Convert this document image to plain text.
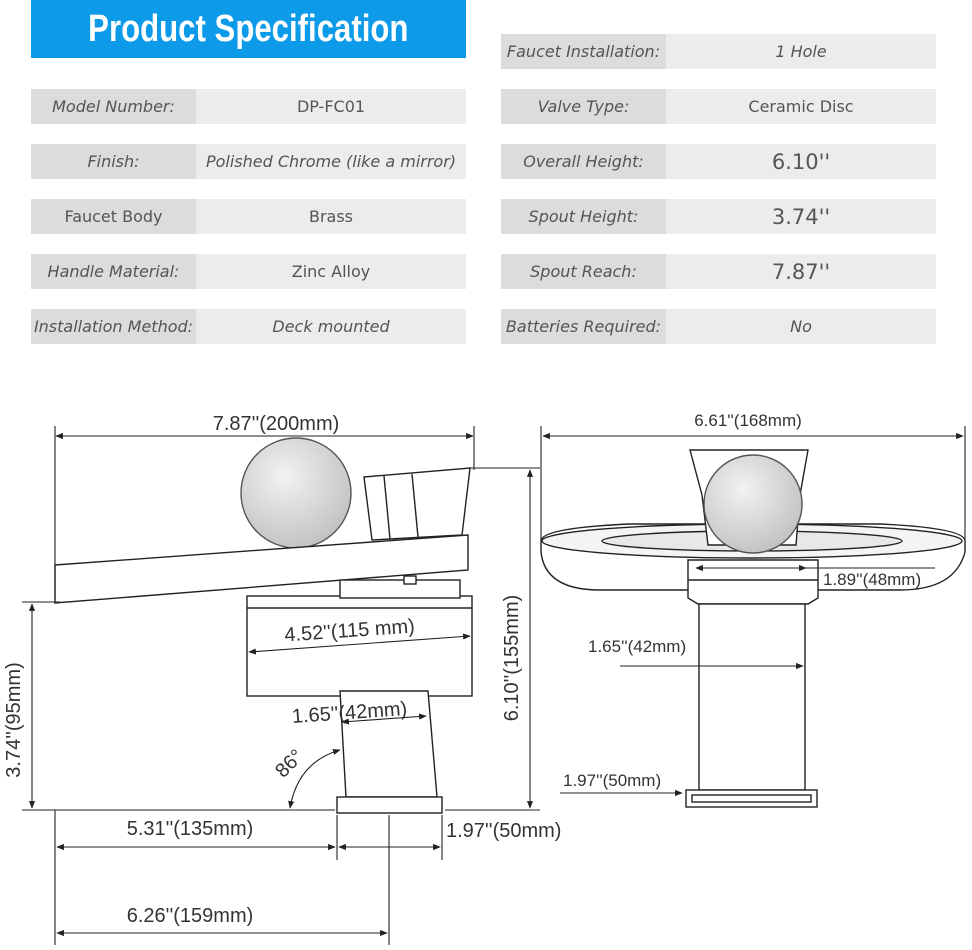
◆ Product Specification	◆
Model Number:	DP-FC01
Finish:	Polished Chrome (like a mirror)
Faucet Body	Brass
Handle Material:	Zinc Alloy
Installation Method:	Deck mounted
Faucet Installation:	1 Hole
Valve Type:	Ceramic Disc
Overall Height:	6.10''
Spout Height:	3.74''
Spout Reach:	7.87''
Batteries Required:	No
7.87''(200mm)
4.52''(115 mm)
1.65''(42mm)
3.74''(95mm)	6.10''(155mm)
86°
5.31''(135mm)	1.97''(50mm)
6.26''(159mm)
6.61''(168mm)
1.89''(48mm)
1.65''(42mm)
1.97''(50mm)
